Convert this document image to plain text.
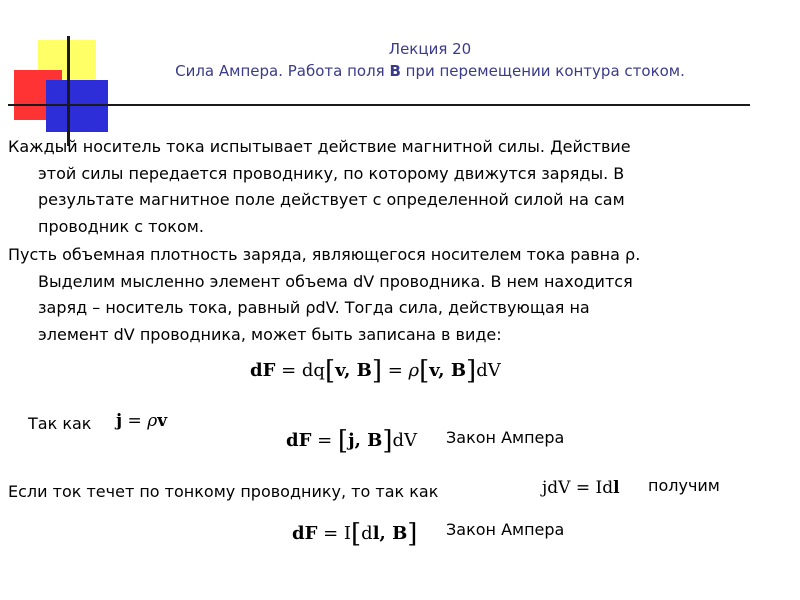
Лекция 20
Сила Ампера. Работа поля B при перемещении контура стоком.
Каждый носитель тока испытывает действие магнитной силы. Действие
этой силы передается проводнику, по которому движутся заряды. В
результате магнитное поле действует с определенной силой на сам
проводник с током.
Пусть объемная плотность заряда, являющегося носителем тока равна ρ.
Выделим мысленно элемент объема dV проводника. В нем находится
заряд – носитель тока, равный ρdV. Тогда сила, действующая на
элемент dV проводника, может быть записана в виде:
dF = dq[v, B] = ρ[v, B]dV
Так как j = ρv
dF = [j, B]dV Закон Ампера
Если ток течет по тонкому проводнику, то так как	jdV = Idl получим
dF = I[dl, B] Закон Ампера
